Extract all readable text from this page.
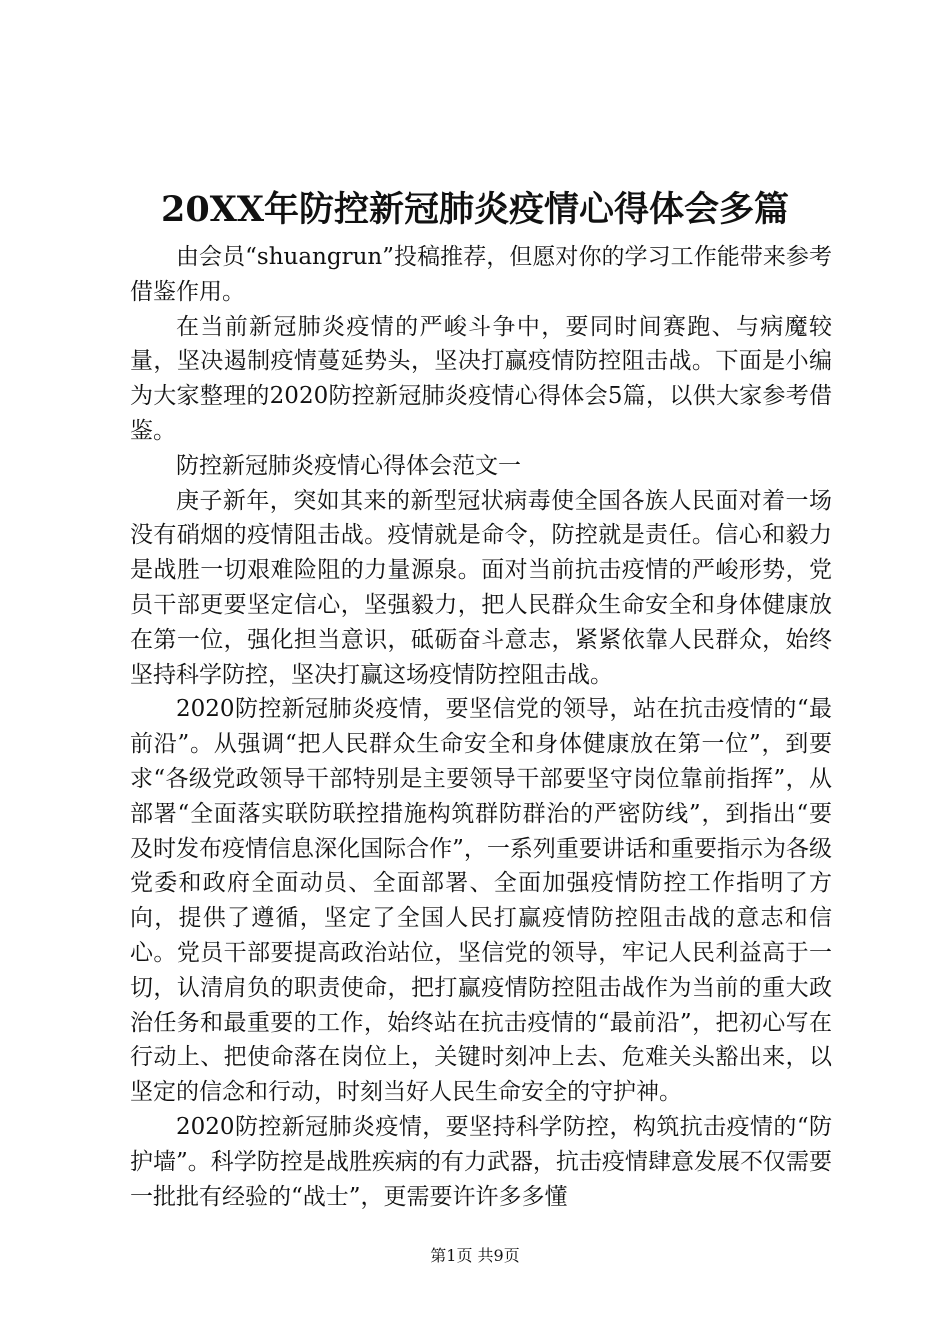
20XX年防控新冠肺炎疫情心得体会多篇

由会员“shuangrun”投稿推荐，但愿对你的学习工作能带来参考借鉴作用。

在当前新冠肺炎疫情的严峻斗争中，要同时间赛跑、与病魔较量，坚决遏制疫情蔓延势头，坚决打赢疫情防控阻击战。下面是小编为大家整理的2020防控新冠肺炎疫情心得体会5篇，以供大家参考借鉴。

防控新冠肺炎疫情心得体会范文一

庚子新年，突如其来的新型冠状病毒使全国各族人民面对着一场没有硝烟的疫情阻击战。疫情就是命令，防控就是责任。信心和毅力是战胜一切艰难险阻的力量源泉。面对当前抗击疫情的严峻形势，党员干部更要坚定信心，坚强毅力，把人民群众生命安全和身体健康放在第一位，强化担当意识，砥砺奋斗意志，紧紧依靠人民群众，始终坚持科学防控，坚决打赢这场疫情防控阻击战。

2020防控新冠肺炎疫情，要坚信党的领导，站在抗击疫情的“最前沿”。从强调“把人民群众生命安全和身体健康放在第一位”，到要求“各级党政领导干部特别是主要领导干部要坚守岗位靠前指挥”，从部署“全面落实联防联控措施构筑群防群治的严密防线”，到指出“要及时发布疫情信息深化国际合作”，一系列重要讲话和重要指示为各级党委和政府全面动员、全面部署、全面加强疫情防控工作指明了方向，提供了遵循，坚定了全国人民打赢疫情防控阻击战的意志和信心。党员干部要提高政治站位，坚信党的领导，牢记人民利益高于一切，认清肩负的职责使命，把打赢疫情防控阻击战作为当前的重大政治任务和最重要的工作，始终站在抗击疫情的“最前沿”，把初心写在行动上、把使命落在岗位上，关键时刻冲上去、危难关头豁出来，以坚定的信念和行动，时刻当好人民生命安全的守护神。

2020防控新冠肺炎疫情，要坚持科学防控，构筑抗击疫情的“防护墙”。科学防控是战胜疾病的有力武器，抗击疫情肆意发展不仅需要一批批有经验的“战士”，更需要许许多多懂

第1页 共9页
